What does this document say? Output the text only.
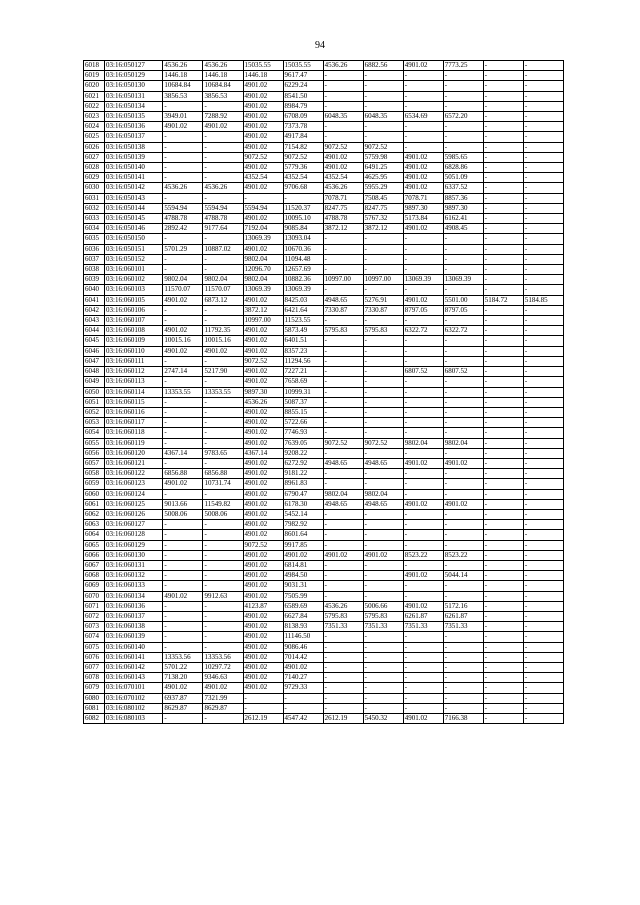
94
6018	03:16:050127	4536.26	4536.26	15035.55	15035.55	4536.26	6882.56	4901.02	7773.25	-	-
6019	03:16:050129	1446.18	1446.18	1446.18	9617.47	-	-	-	-	-	-
6020	03:16:050130	10684.84	10684.84	4901.02	6229.24	-	-	-	-	-	-
6021	03:16:050131	3856.53	3856.53	4901.02	8541.50	-	-	-	-	-	-
6022	03:16:050134	-	-	4901.02	8984.79	-	-	-	-	-	-
6023	03:16:050135	3949.01	7288.92	4901.02	6708.09	6048.35	6048.35	6534.69	6572.20	-	-
6024	03:16:050136	4901.02	4901.02	4901.02	7373.78	-	-	-	-	-	-
6025	03:16:050137	-	-	4901.02	4917.84	-	-	-	-	-	-
6026	03:16:050138	-	-	4901.02	7154.82	9072.52	9072.52	-	-	-	-
6027	03:16:050139	-	-	9072.52	9072.52	4901.02	5759.98	4901.02	5985.65	-	-
6028	03:16:050140	-	-	4901.02	5779.36	4901.02	6491.25	4901.02	6828.86	-	-
6029	03:16:050141	-	-	4352.54	4352.54	4352.54	4625.95	4901.02	5051.09	-	-
6030	03:16:050142	4536.26	4536.26	4901.02	9706.68	4536.26	5955.29	4901.02	6337.52	-	-
6031	03:16:050143	-	-	-	-	7078.71	7508.45	7078.71	8857.36	-	-
6032	03:16:050144	5594.94	5594.94	5594.94	11520.37	8247.75	8247.75	9897.30	9897.30	-	-
6033	03:16:050145	4788.78	4788.78	4901.02	10095.10	4788.78	5767.32	5173.84	6162.41	-	-
6034	03:16:050146	2892.42	9177.64	7192.04	9085.84	3872.12	3872.12	4901.02	4908.45	-	-
6035	03:16:050150	-	-	13069.39	13093.04	-	-	-	-	-	-
6036	03:16:050151	5701.29	10887.02	4901.02	10670.36	-	-	-	-	-	-
6037	03:16:050152	-	-	9802.04	11094.48	-	-	-	-	-	-
6038	03:16:060101	-	-	12096.70	12657.69	-	-	-	-	-	-
6039	03:16:060102	9802.04	9802.04	9802.04	10882.36	10997.00	10997.00	13069.39	13069.39	-	-
6040	03:16:060103	11570.07	11570.07	13069.39	13069.39	-	-	-	-	-	-
6041	03:16:060105	4901.02	6873.12	4901.02	8425.03	4948.65	5276.91	4901.02	5501.00	5184.72	5184.85
6042	03:16:060106	-	-	3872.12	6421.64	7330.87	7330.87	8797.05	8797.05	-	-
6043	03:16:060107	-	-	10997.00	11523.55	-	-	-	-	-	-
6044	03:16:060108	4901.02	11792.35	4901.02	5873.49	5795.83	5795.83	6322.72	6322.72	-	-
6045	03:16:060109	10015.16	10015.16	4901.02	6401.51	-	-	-	-	-	-
6046	03:16:060110	4901.02	4901.02	4901.02	8357.23	-	-	-	-	-	-
6047	03:16:060111	-	-	9072.52	11294.56	-	-	-	-	-	-
6048	03:16:060112	2747.14	5217.90	4901.02	7227.21	-	-	6807.52	6807.52	-	-
6049	03:16:060113	-	-	4901.02	7658.69	-	-	-	-	-	-
6050	03:16:060114	13353.55	13353.55	9897.30	10999.31	-	-	-	-	-	-
6051	03:16:060115	-	-	4536.26	5087.37	-	-	-	-	-	-
6052	03:16:060116	-	-	4901.02	8855.15	-	-	-	-	-	-
6053	03:16:060117	-	-	4901.02	5722.66	-	-	-	-	-	-
6054	03:16:060118	-	-	4901.02	7746.93	-	-	-	-	-	-
6055	03:16:060119	-	-	4901.02	7639.05	9072.52	9072.52	9802.04	9802.04	-	-
6056	03:16:060120	4367.14	9783.65	4367.14	9208.22	-	-	-	-	-	-
6057	03:16:060121	-	-	4901.02	6272.92	4948.65	4948.65	4901.02	4901.02	-	-
6058	03:16:060122	6856.88	6856.88	4901.02	9181.22	-	-	-	-	-	-
6059	03:16:060123	4901.02	10731.74	4901.02	8961.83	-	-	-	-	-	-
6060	03:16:060124	-	-	4901.02	6790.47	9802.04	9802.04	-	-	-	-
6061	03:16:060125	9013.66	11549.82	4901.02	6178.30	4948.65	4948.65	4901.02	4901.02	-	-
6062	03:16:060126	5008.06	5008.06	4901.02	5452.14	-	-	-	-	-	-
6063	03:16:060127	-	-	4901.02	7982.92	-	-	-	-	-	-
6064	03:16:060128	-	-	4901.02	8601.64	-	-	-	-	-	-
6065	03:16:060129	-	-	9072.52	9917.85	-	-	-	-	-	-
6066	03:16:060130	-	-	4901.02	4901.02	4901.02	4901.02	8523.22	8523.22	-	-
6067	03:16:060131	-	-	4901.02	6814.81	-	-	-	-	-	-
6068	03:16:060132	-	-	4901.02	4984.50	-	-	4901.02	5044.14	-	-
6069	03:16:060133	-	-	4901.02	9031.31	-	-	-	-	-	-
6070	03:16:060134	4901.02	9912.63	4901.02	7505.99	-	-	-	-	-	-
6071	03:16:060136	-	-	4123.87	6589.69	4536.26	5006.66	4901.02	5172.16	-	-
6072	03:16:060137	-	-	4901.02	6627.84	5795.83	5795.83	6261.87	6261.87	-	-
6073	03:16:060138	-	-	4901.02	8138.93	7351.33	7351.33	7351.33	7351.33	-	-
6074	03:16:060139	-	-	4901.02	11146.50	-	-	-	-	-	-
6075	03:16:060140	-	-	4901.02	9086.46	-	-	-	-	-	-
6076	03:16:060141	13353.56	13353.56	4901.02	7014.42	-	-	-	-	-	-
6077	03:16:060142	5701.22	10297.72	4901.02	4901.02	-	-	-	-	-	-
6078	03:16:060143	7138.20	9346.63	4901.02	7140.27	-	-	-	-	-	-
6079	03:16:070101	4901.02	4901.02	4901.02	9729.33	-	-	-	-	-	-
6080	03:16:070102	6937.87	7321.99	-	-	-	-	-	-	-	-
6081	03:16:080102	8629.87	8629.87	-	-	-	-	-	-	-	-
6082	03:16:080103	-	-	2612.19	4547.42	2612.19	5450.32	4901.02	7166.38	-	-
